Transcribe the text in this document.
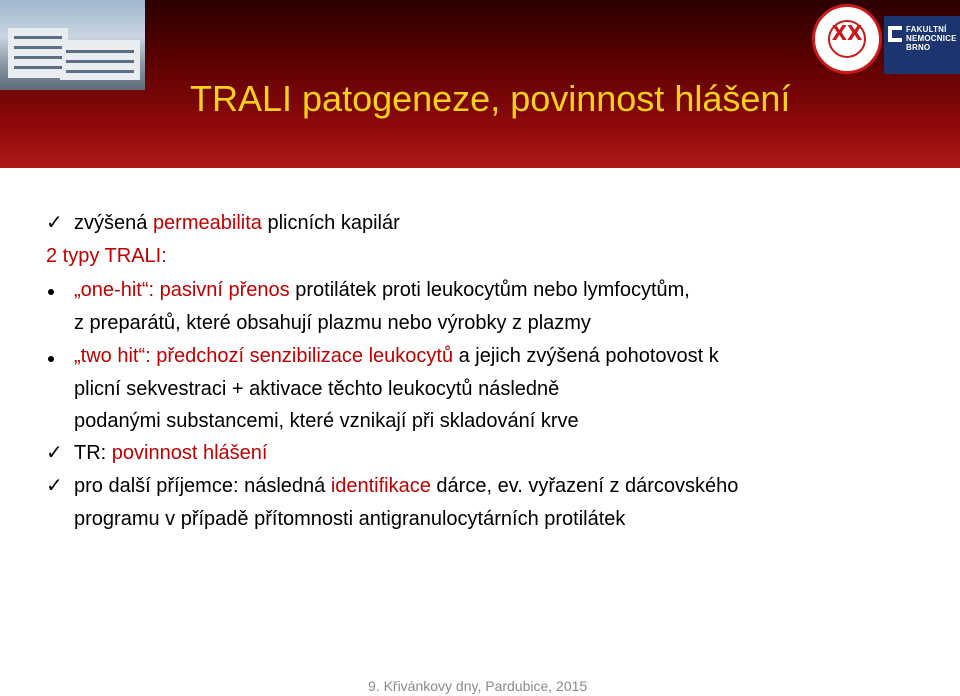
TRALI patogeneze, povinnost hlášení
XX	FAKULTNÍ
NEMOCNICE
BRNO
✓ zvýšená permeabilita plicních kapilár
2 typy TRALI:
„one-hit“: pasivní přenos protilátek proti leukocytům nebo lymfocytům,
z preparátů, které obsahují plazmu nebo výrobky z plazmy
„two hit“: předchozí senzibilizace leukocytů a jejich zvýšená pohotovost k
plicní sekvestraci + aktivace těchto leukocytů následně
podanými substancemi, které vznikají při skladování krve
✓ TR: povinnost hlášení
✓ pro další příjemce: následná identifikace dárce, ev. vyřazení z dárcovského
programu v případě přítomnosti antigranulocytárních protilátek
9. Křivánkovy dny, Pardubice, 2015
